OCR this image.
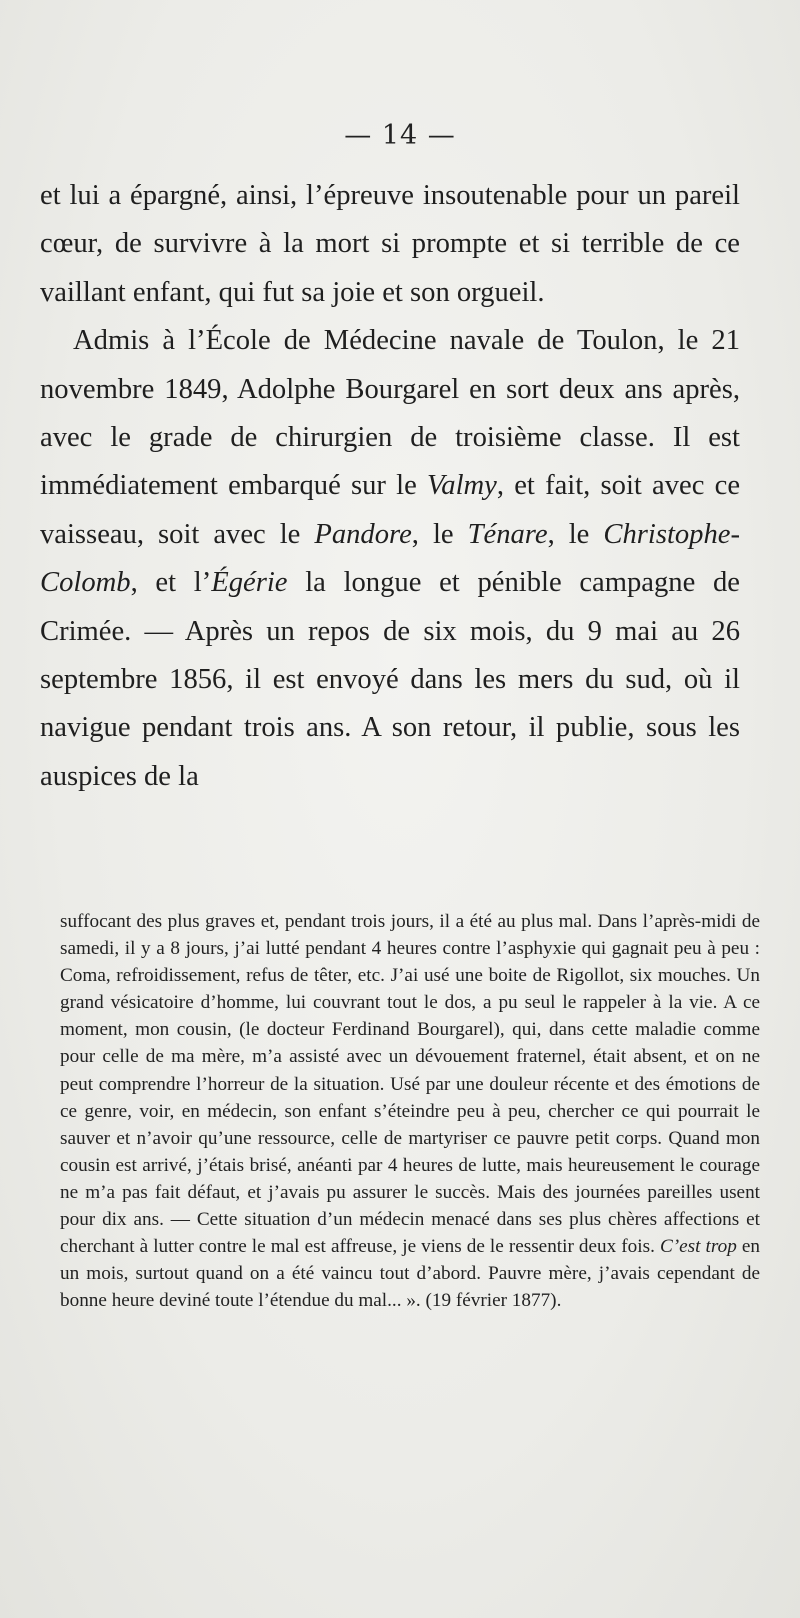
— 14 —

et lui a épargné, ainsi, l’épreuve insoutenable pour un pareil cœur, de survivre à la mort si prompte et si terrible de ce vaillant enfant, qui fut sa joie et son orgueil.

Admis à l’École de Médecine navale de Toulon, le 21 novembre 1849, Adolphe Bourgarel en sort deux ans après, avec le grade de chirurgien de troisième classe. Il est immédiatement embarqué sur le Valmy, et fait, soit avec ce vaisseau, soit avec le Pandore, le Ténare, le Christophe-Colomb, et l’Égérie la longue et pénible campagne de Crimée. — Après un repos de six mois, du 9 mai au 26 septembre 1856, il est envoyé dans les mers du sud, où il navigue pendant trois ans. A son retour, il publie, sous les auspices de la

suffocant des plus graves et, pendant trois jours, il a été au plus mal. Dans l’après-midi de samedi, il y a 8 jours, j’ai lutté pendant 4 heures contre l’asphyxie qui gagnait peu à peu : Coma, refroidissement, refus de têter, etc. J’ai usé une boite de Rigollot, six mouches. Un grand vésicatoire d’homme, lui couvrant tout le dos, a pu seul le rappeler à la vie. A ce moment, mon cousin, (le docteur Ferdinand Bourgarel), qui, dans cette maladie comme pour celle de ma mère, m’a assisté avec un dévouement fraternel, était absent, et on ne peut comprendre l’horreur de la situation. Usé par une douleur récente et des émotions de ce genre, voir, en médecin, son enfant s’éteindre peu à peu, chercher ce qui pourrait le sauver et n’avoir qu’une ressource, celle de martyriser ce pauvre petit corps. Quand mon cousin est arrivé, j’étais brisé, anéanti par 4 heures de lutte, mais heureusement le courage ne m’a pas fait défaut, et j’avais pu assurer le succès. Mais des journées pareilles usent pour dix ans. — Cette situation d’un médecin menacé dans ses plus chères affections et cherchant à lutter contre le mal est affreuse, je viens de le ressentir deux fois. C’est trop en un mois, surtout quand on a été vaincu tout d’abord. Pauvre mère, j’avais cependant de bonne heure deviné toute l’étendue du mal... ». (19 février 1877).
